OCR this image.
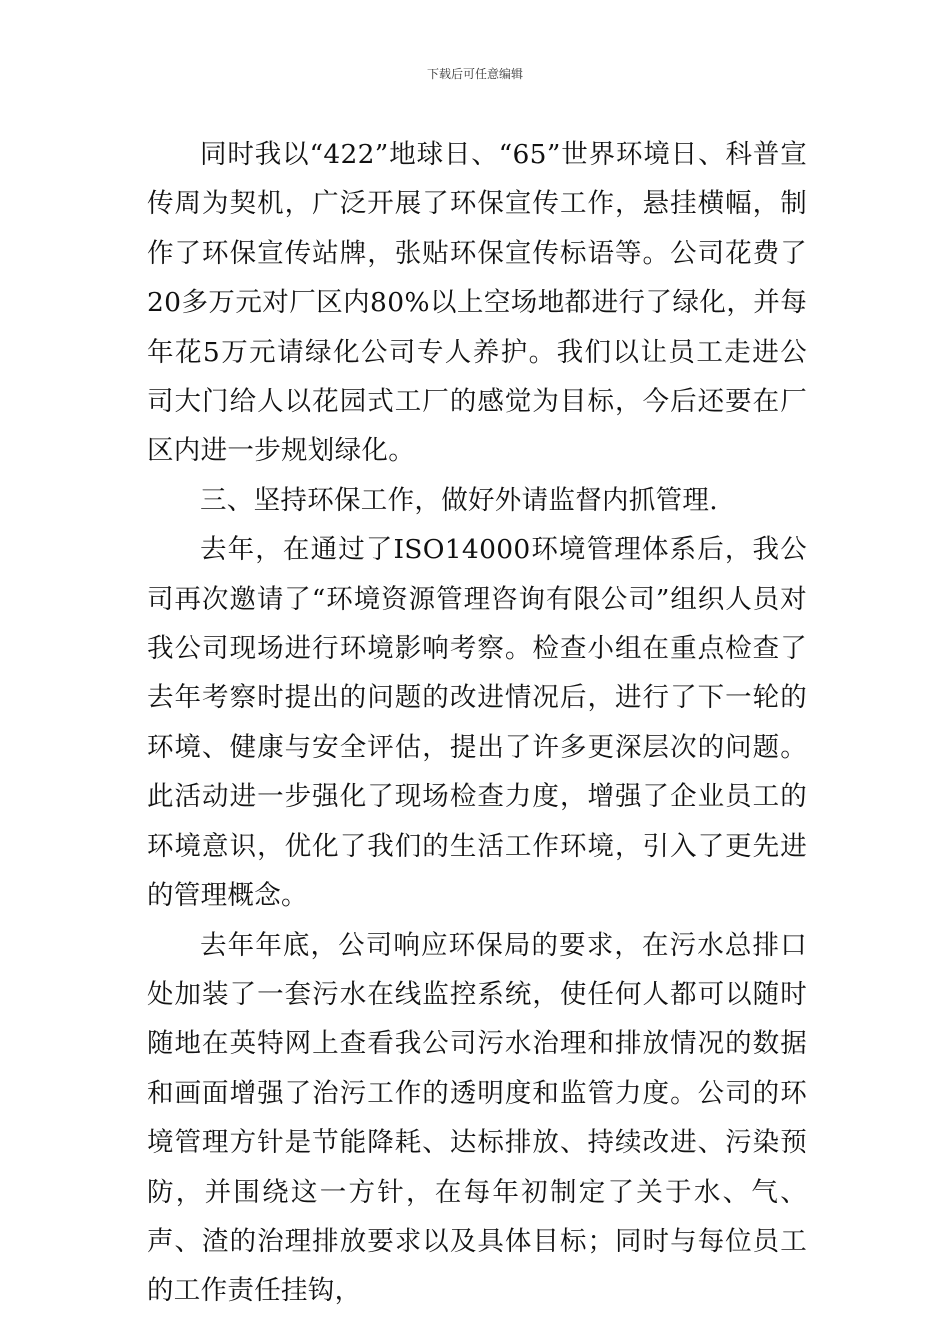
下载后可任意编辑

同时我以“422”地球日、“65”世界环境日、科普宣传周为契机，广泛开展了环保宣传工作，悬挂横幅，制作了环保宣传站牌，张贴环保宣传标语等。公司花费了20多万元对厂区内80%以上空场地都进行了绿化，并每年花5万元请绿化公司专人养护。我们以让员工走进公司大门给人以花园式工厂的感觉为目标，今后还要在厂区内进一步规划绿化。

三、坚持环保工作，做好外请监督内抓管理.

去年，在通过了ISO14000环境管理体系后，我公司再次邀请了“环境资源管理咨询有限公司”组织人员对我公司现场进行环境影响考察。检查小组在重点检查了去年考察时提出的问题的改进情况后，进行了下一轮的环境、健康与安全评估，提出了许多更深层次的问题。此活动进一步强化了现场检查力度，增强了企业员工的环境意识，优化了我们的生活工作环境，引入了更先进的管理概念。

去年年底，公司响应环保局的要求，在污水总排口处加装了一套污水在线监控系统，使任何人都可以随时随地在英特网上查看我公司污水治理和排放情况的数据和画面增强了治污工作的透明度和监管力度。公司的环境管理方针是节能降耗、达标排放、持续改进、污染预防，并围绕这一方针，在每年初制定了关于水、气、声、渣的治理排放要求以及具体目标；同时与每位员工的工作责任挂钩，
